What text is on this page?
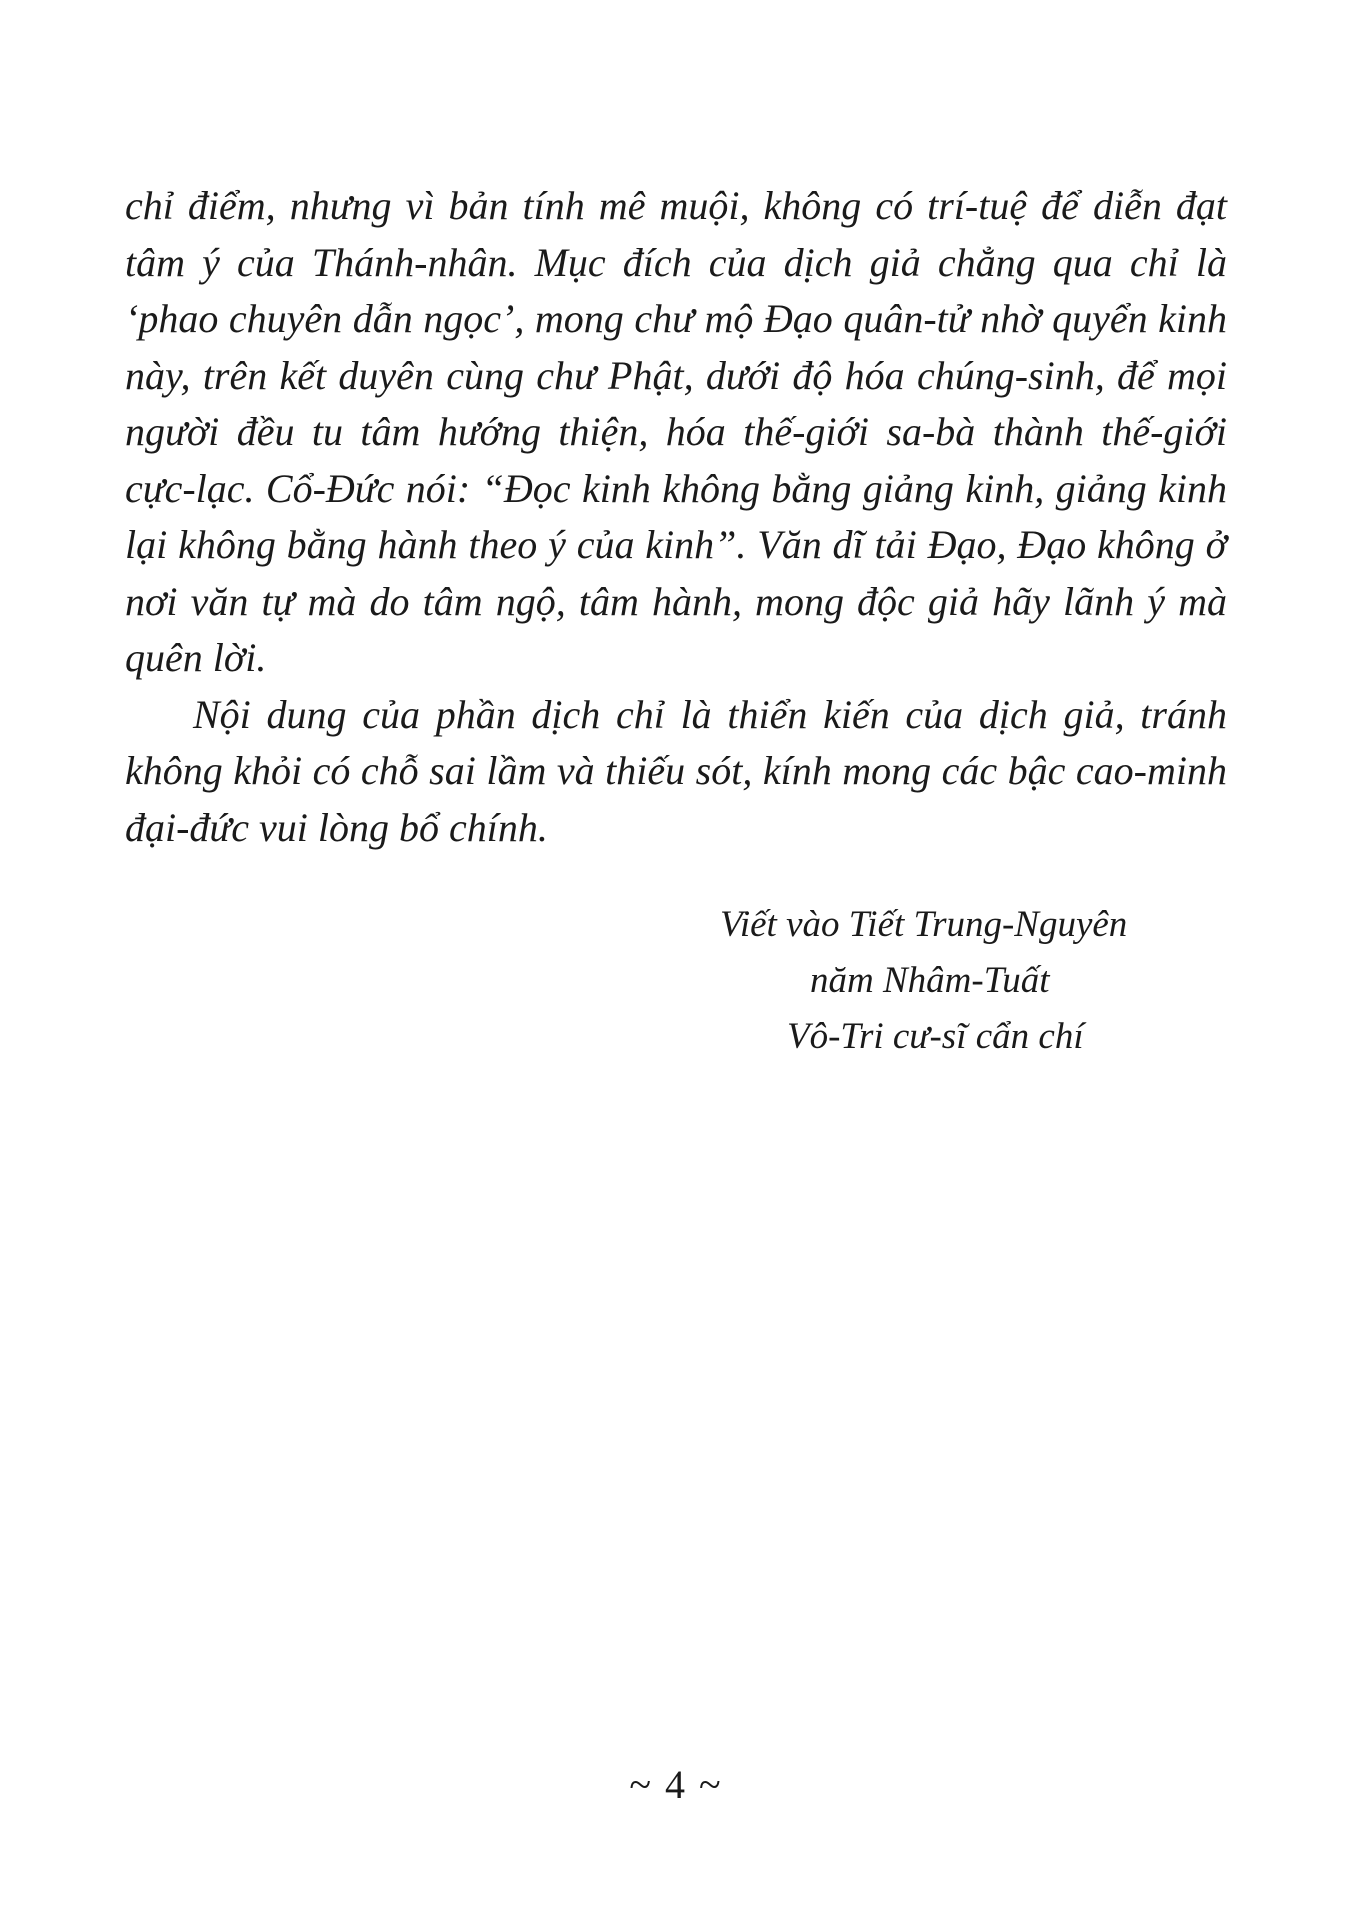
chỉ điểm, nhưng vì bản tính mê muội, không có trí-tuệ để diễn đạt tâm ý của Thánh-nhân. Mục đích của dịch giả chẳng qua chỉ là ‘phao chuyên dẫn ngọc’, mong chư mộ Đạo quân-tử nhờ quyển kinh này, trên kết duyên cùng chư Phật, dưới độ hóa chúng-sinh, để mọi người đều tu tâm hướng thiện, hóa thế-giới sa-bà thành thế-giới cực-lạc. Cổ-Đức nói: “Đọc kinh không bằng giảng kinh, giảng kinh lại không bằng hành theo ý của kinh”. Văn dĩ tải Đạo, Đạo không ở nơi văn tự mà do tâm ngộ, tâm hành, mong độc giả hãy lãnh ý mà quên lời.

Nội dung của phần dịch chỉ là thiển kiến của dịch giả, tránh không khỏi có chỗ sai lầm và thiếu sót, kính mong các bậc cao-minh đại-đức vui lòng bổ chính.

Viết vào Tiết Trung-Nguyên
năm Nhâm-Tuất
Vô-Tri cư-sĩ cẩn chí
~ 4 ~
